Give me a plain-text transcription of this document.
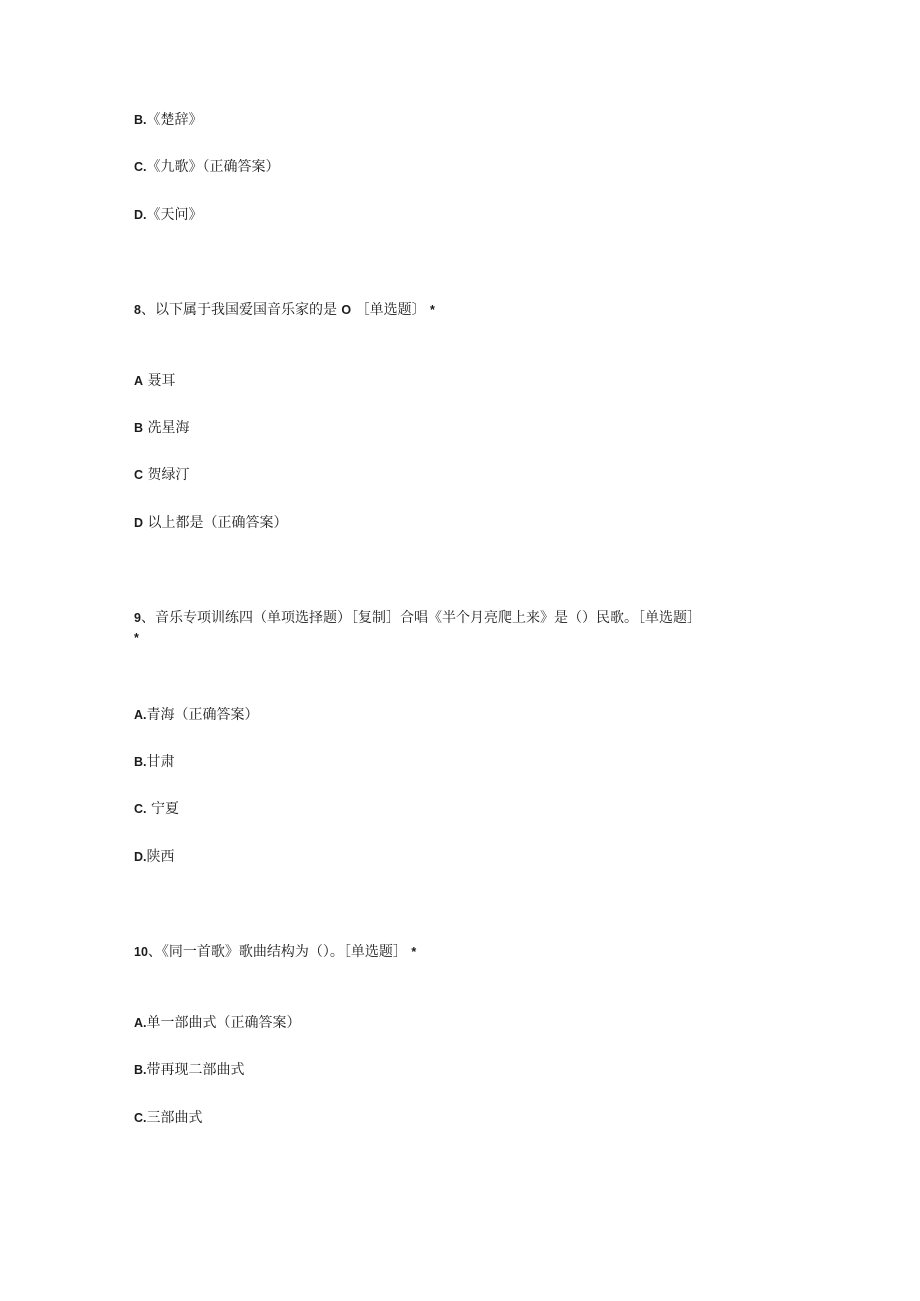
B.《楚辞》
C.《九歌》（正确答案）
D.《天问》
8、以下属于我国爱国音乐家的是 O ［单选题〕 *
A 聂耳
B 冼星海
C 贺绿汀
D 以上都是（正确答案）
9、音乐专项训练四（单项选择题）［复制］合唱《半个月亮爬上来》是（）民歌。［单选题］
*
A.青海（正确答案）
B.甘肃
C. 宁夏
D.陕西
10、《同一首歌》歌曲结构为（）。［单选题］ *
A.单一部曲式（正确答案）
B.带再现二部曲式
C.三部曲式
